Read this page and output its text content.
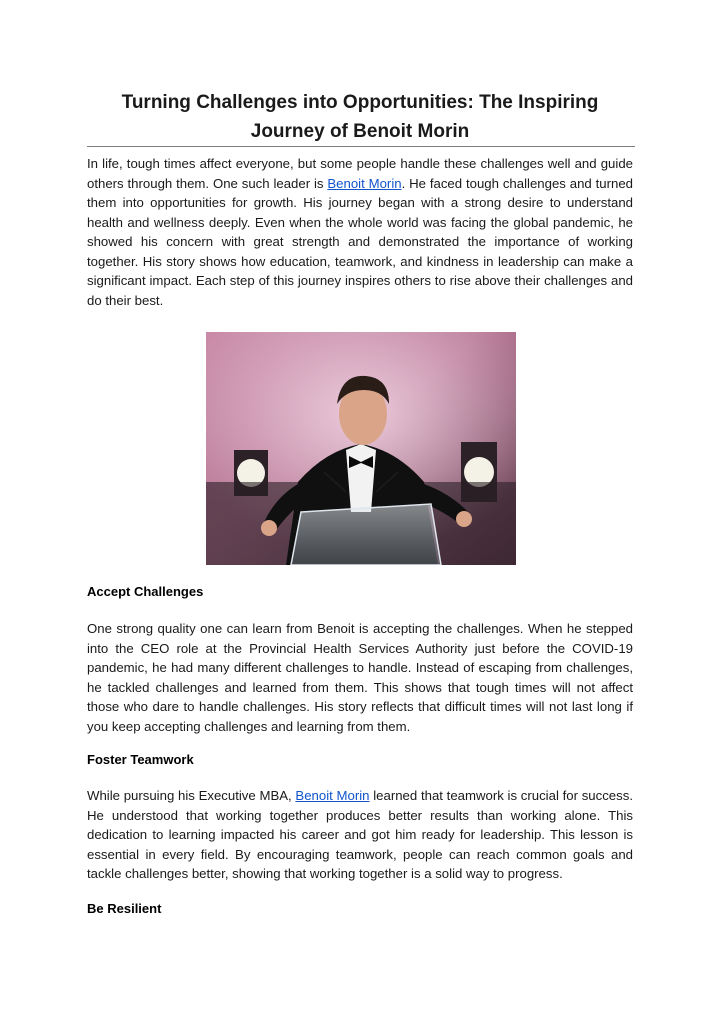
Turning Challenges into Opportunities: The Inspiring
Journey of Benoit Morin

In life, tough times affect everyone, but some people handle these challenges well and guide others through them. One such leader is Benoit Morin. He faced tough challenges and turned them into opportunities for growth. His journey began with a strong desire to understand health and wellness deeply. Even when the whole world was facing the global pandemic, he showed his concern with great strength and demonstrated the importance of working together. His story shows how education, teamwork, and kindness in leadership can make a significant impact. Each step of this journey inspires others to rise above their challenges and do their best.

Accept Challenges

One strong quality one can learn from Benoit is accepting the challenges. When he stepped into the CEO role at the Provincial Health Services Authority just before the COVID-19 pandemic, he had many different challenges to handle. Instead of escaping from challenges, he tackled challenges and learned from them. This shows that tough times will not affect those who dare to handle challenges. His story reflects that difficult times will not last long if you keep accepting challenges and learning from them.

Foster Teamwork

While pursuing his Executive MBA, Benoit Morin learned that teamwork is crucial for success. He understood that working together produces better results than working alone. This dedication to learning impacted his career and got him ready for leadership. This lesson is essential in every field. By encouraging teamwork, people can reach common goals and tackle challenges better, showing that working together is a solid way to progress.

Be Resilient
